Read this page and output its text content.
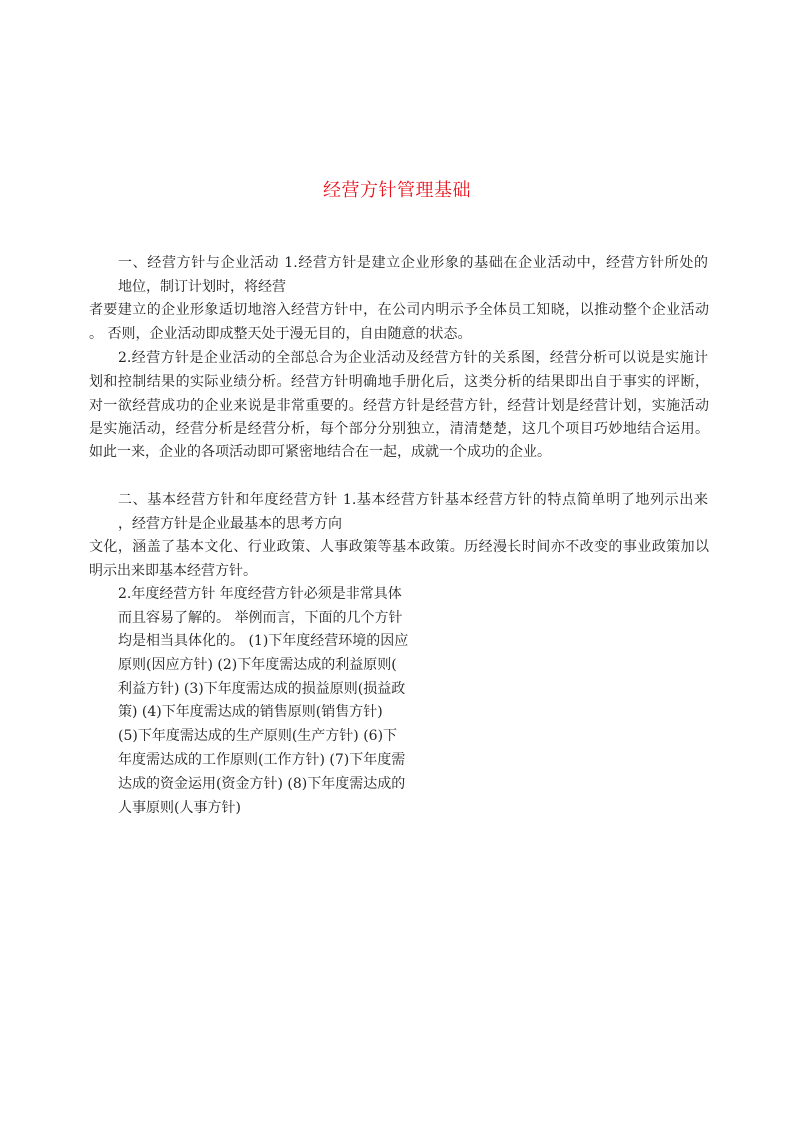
经营方针管理基础
一、经营方针与企业活动 1.经营方针是建立企业形象的基础在企业活动中，经营方针所处的
地位，制订计划时，将经营
者要建立的企业形象适切地溶入经营方针中，在公司内明示予全体员工知晓，以推动整个企业活动
。 否则，企业活动即成整天处于漫无目的，自由随意的状态。
2.经营方针是企业活动的全部总合为企业活动及经营方针的关系图，经营分析可以说是实施计
划和控制结果的实际业绩分析。经营方针明确地手册化后，这类分析的结果即出自于事实的评断，
对一欲经营成功的企业来说是非常重要的。经营方针是经营方针，经营计划是经营计划，实施活动
是实施活动，经营分析是经营分析，每个部分分别独立，清清楚楚，这几个项目巧妙地结合运用。
如此一来，企业的各项活动即可紧密地结合在一起，成就一个成功的企业。
二、基本经营方针和年度经营方针 1.基本经营方针基本经营方针的特点简单明了地列示出来
，经营方针是企业最基本的思考方向
文化，涵盖了基本文化、行业政策、人事政策等基本政策。历经漫长时间亦不改变的事业政策加以
明示出来即基本经营方针。
2.年度经营方针 年度经营方针必须是非常具体
而且容易了解的。 举例而言，下面的几个方针
均是相当具体化的。 (1)下年度经营环境的因应
原则(因应方针) (2)下年度需达成的利益原则(
利益方针) (3)下年度需达成的损益原则(损益政
策) (4)下年度需达成的销售原则(销售方针)
(5)下年度需达成的生产原则(生产方针) (6)下
年度需达成的工作原则(工作方针) (7)下年度需
达成的资金运用(资金方针) (8)下年度需达成的
人事原则(人事方针)
